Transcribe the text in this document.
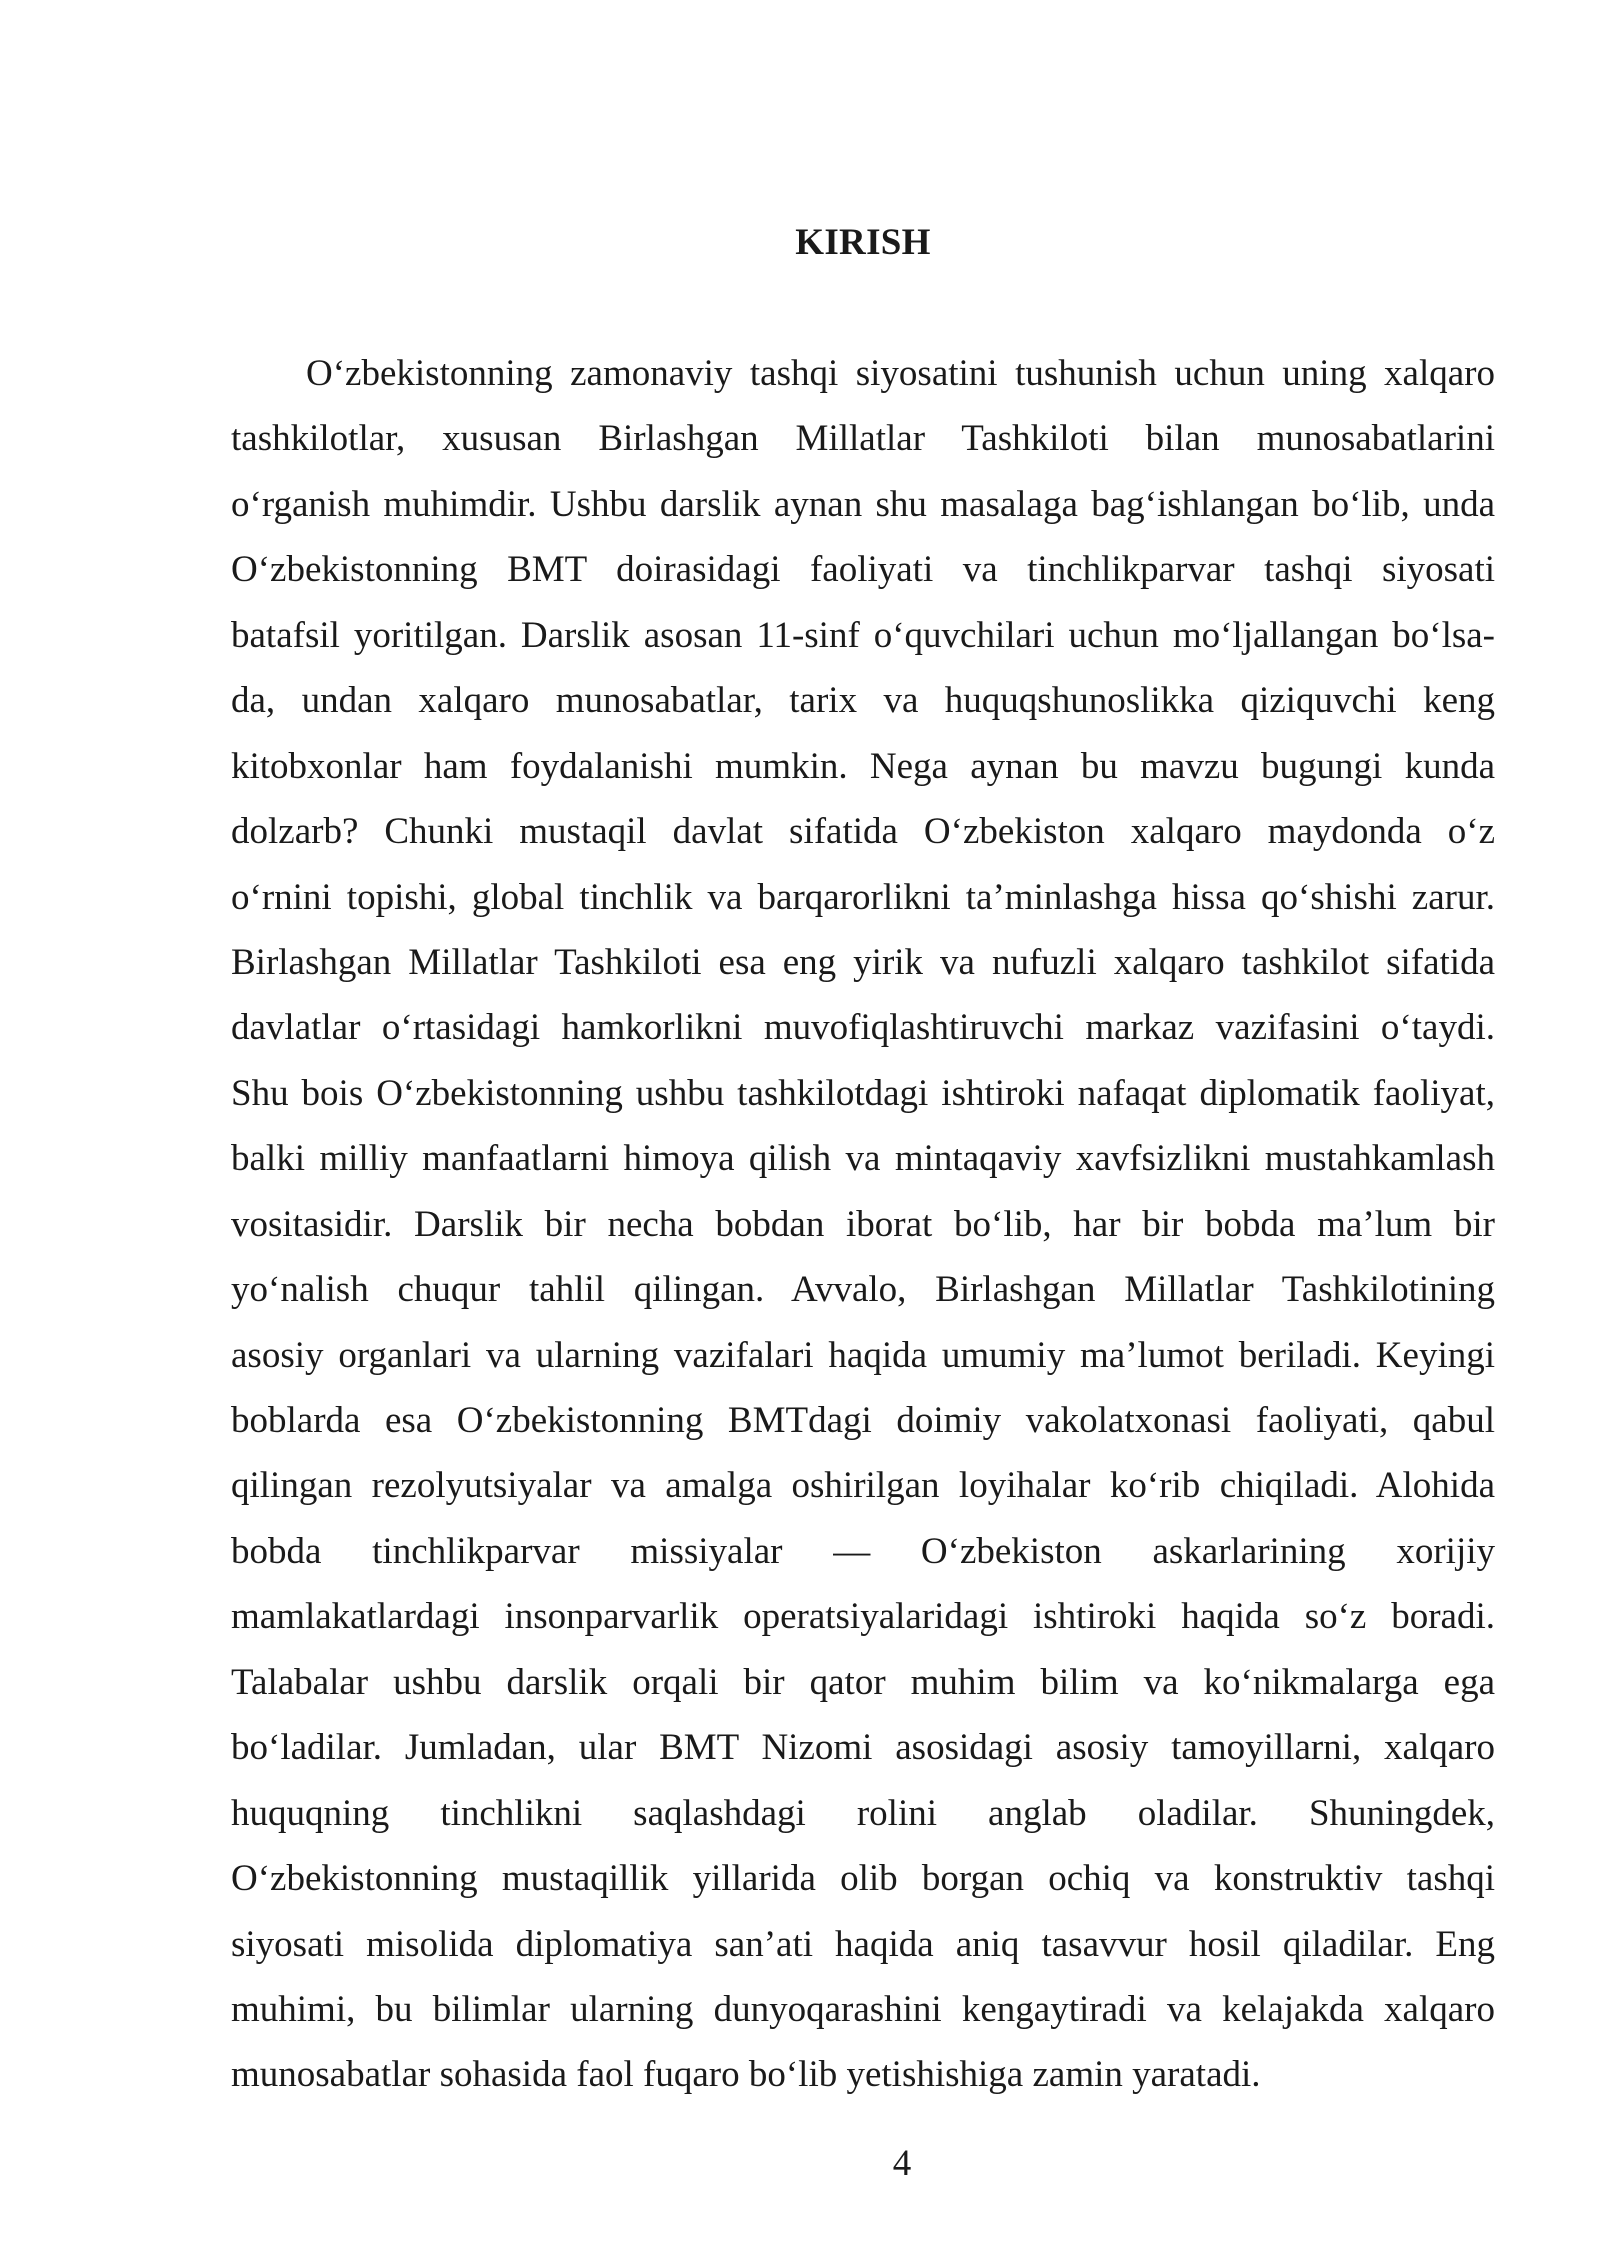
KIRISH
O‘zbekistonning zamonaviy tashqi siyosatini tushunish uchun uning xalqaro
tashkilotlar, xususan Birlashgan Millatlar Tashkiloti bilan munosabatlarini
o‘rganish muhimdir. Ushbu darslik aynan shu masalaga bag‘ishlangan bo‘lib, unda
O‘zbekistonning BMT doirasidagi faoliyati va tinchlikparvar tashqi siyosati
batafsil yoritilgan. Darslik asosan 11-sinf o‘quvchilari uchun mo‘ljallangan bo‘lsa-
da, undan xalqaro munosabatlar, tarix va huquqshunoslikka qiziquvchi keng
kitobxonlar ham foydalanishi mumkin. Nega aynan bu mavzu bugungi kunda
dolzarb? Chunki mustaqil davlat sifatida O‘zbekiston xalqaro maydonda o‘z
o‘rnini topishi, global tinchlik va barqarorlikni ta’minlashga hissa qo‘shishi zarur.
Birlashgan Millatlar Tashkiloti esa eng yirik va nufuzli xalqaro tashkilot sifatida
davlatlar o‘rtasidagi hamkorlikni muvofiqlashtiruvchi markaz vazifasini o‘taydi.
Shu bois O‘zbekistonning ushbu tashkilotdagi ishtiroki nafaqat diplomatik faoliyat,
balki milliy manfaatlarni himoya qilish va mintaqaviy xavfsizlikni mustahkamlash
vositasidir. Darslik bir necha bobdan iborat bo‘lib, har bir bobda ma’lum bir
yo‘nalish chuqur tahlil qilingan. Avvalo, Birlashgan Millatlar Tashkilotining
asosiy organlari va ularning vazifalari haqida umumiy ma’lumot beriladi. Keyingi
boblarda esa O‘zbekistonning BMTdagi doimiy vakolatxonasi faoliyati, qabul
qilingan rezolyutsiyalar va amalga oshirilgan loyihalar ko‘rib chiqiladi. Alohida
bobda tinchlikparvar missiyalar — O‘zbekiston askarlarining xorijiy
mamlakatlardagi insonparvarlik operatsiyalaridagi ishtiroki haqida so‘z boradi.
Talabalar ushbu darslik orqali bir qator muhim bilim va ko‘nikmalarga ega
bo‘ladilar. Jumladan, ular BMT Nizomi asosidagi asosiy tamoyillarni, xalqaro
huquqning tinchlikni saqlashdagi rolini anglab oladilar. Shuningdek,
O‘zbekistonning mustaqillik yillarida olib borgan ochiq va konstruktiv tashqi
siyosati misolida diplomatiya san’ati haqida aniq tasavvur hosil qiladilar. Eng
muhimi, bu bilimlar ularning dunyoqarashini kengaytiradi va kelajakda xalqaro
munosabatlar sohasida faol fuqaro bo‘lib yetishishiga zamin yaratadi.
4
